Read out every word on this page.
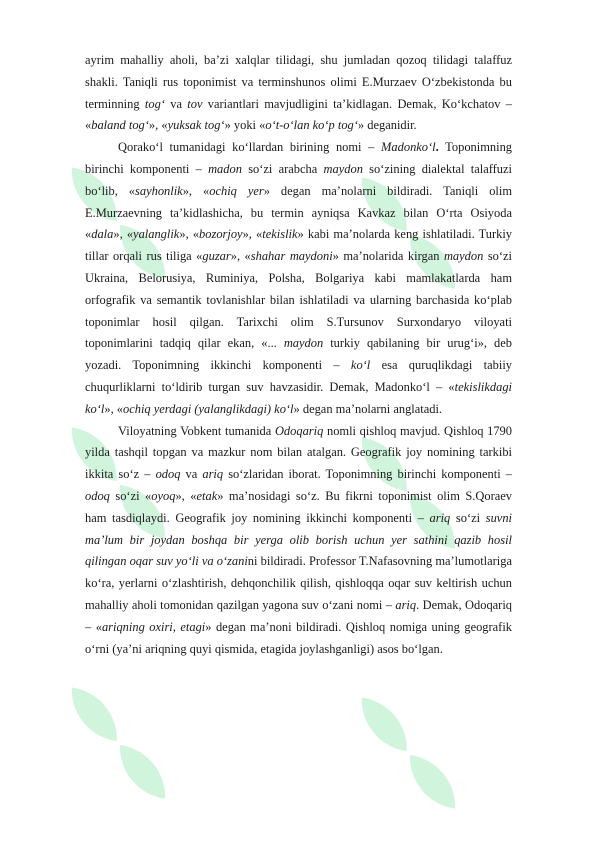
ayrim mahalliy aholi, baʼzi xalqlar tilidagi, shu jumladan qozoq tilidagi talaffuz shakli. Taniqli rus toponimist va terminshunos olimi E.Murzaev Oʻzbekistonda bu terminning togʻ va tov variantlari mavjudligini taʼkidlagan. Demak, Koʻkchatov – «baland togʻ», «yuksak togʻ» yoki «oʻt-oʻlan koʻp togʻ» deganidir.

Qorakoʻl tumanidagi koʻllardan birining nomi – Madonkoʻl. Toponimning birinchi komponenti – madon soʻzi arabcha maydon soʻzining dialektal talaffuzi boʻlib, «sayhonlik», «ochiq yer» degan maʼnolarni bildiradi. Taniqli olim E.Murzaevning taʼkidlashicha, bu termin ayniqsa Kavkaz bilan Oʻrta Osiyoda «dala», «yalanglik», «bozorjoy», «tekislik» kabi maʼnolarda keng ishlatiladi. Turkiy tillar orqali rus tiliga «guzar», «shahar maydoni» maʼnolarida kirgan maydon soʻzi Ukraina, Belorusiya, Ruminiya, Polsha, Bolgariya kabi mamlakatlarda ham orfografik va semantik tovlanishlar bilan ishlatiladi va ularning barchasida koʻplab toponimlar hosil qilgan. Tarixchi olim S.Tursunov Surxondaryo viloyati toponimlarini tadqiq qilar ekan, «... maydon turkiy qabilaning bir urugʻi», deb yozadi. Toponimning ikkinchi komponenti – koʻl esa quruqlikdagi tabiiy chuqurliklarni toʻldirib turgan suv havzasidir. Demak, Madonkoʻl – «tekislikdagi koʻl», «ochiq yerdagi (yalanglikdagi) koʻl» degan maʼnolarni anglatadi.

Viloyatning Vobkent tumanida Odoqariq nomli qishloq mavjud. Qishloq 1790 yilda tashqil topgan va mazkur nom bilan atalgan. Geografik joy nomining tarkibi ikkita soʻz – odoq va ariq soʻzlaridan iborat. Toponimning birinchi komponenti – odoq soʻzi «oyoq», «etak» maʼnosidagi soʻz. Bu fikrni toponimist olim S.Qoraev ham tasdiqlaydi. Geografik joy nomining ikkinchi komponenti – ariq soʻzi suvni maʼlum bir joydan boshqa bir yerga olib borish uchun yer sathini qazib hosil qilingan oqar suv yoʻli va oʻzanini bildiradi. Professor T.Nafasovning maʼlumotlariga koʻra, yerlarni oʻzlashtirish, dehqonchilik qilish, qishloqqa oqar suv keltirish uchun mahalliy aholi tomonidan qazilgan yagona suv oʻzani nomi – ariq. Demak, Odoqariq – «ariqning oxiri, etagi» degan maʼnoni bildiradi. Qishloq nomiga uning geografik oʻrni (yaʼni ariqning quyi qismida, etagida joylashganligi) asos boʻlgan.
